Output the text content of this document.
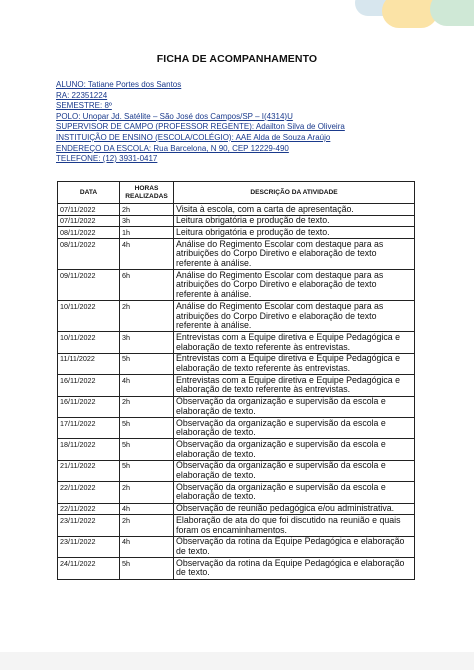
FICHA DE ACOMPANHAMENTO
ALUNO: Tatiane Portes dos Santos
RA: 22351224
SEMESTRE: 8º
POLO: Unopar Jd. Satélite – São José dos Campos/SP – I(4314)U
SUPERVISOR DE CAMPO (PROFESSOR REGENTE): Adailton Silva de Oliveira
INSTITUIÇÃO DE ENSINO (ESCOLA/COLÉGIO): AAE Alda de Souza Araújo
ENDEREÇO DA ESCOLA: Rua Barcelona, N 90, CEP 12229-490
TELEFONE: (12) 3931-0417
DATA	HORAS REALIZADAS	DESCRIÇÃO DA ATIVIDADE
07/11/2022	2h	Visita à escola, com a carta de apresentação.
07/11/2022	3h	Leitura obrigatória e produção de texto.
08/11/2022	1h	Leitura obrigatória e produção de texto.
08/11/2022	4h	Análise do Regimento Escolar com destaque para as atribuições do Corpo Diretivo e elaboração de texto referente à análise.
09/11/2022	6h	Análise do Regimento Escolar com destaque para as atribuições do Corpo Diretivo e elaboração de texto referente à análise.
10/11/2022	2h	Análise do Regimento Escolar com destaque para as atribuições do Corpo Diretivo e elaboração de texto referente à análise.
10/11/2022	3h	Entrevistas com a Equipe diretiva e Equipe Pedagógica e elaboração de texto referente às entrevistas.
11/11/2022	5h	Entrevistas com a Equipe diretiva e Equipe Pedagógica e elaboração de texto referente às entrevistas.
16/11/2022	4h	Entrevistas com a Equipe diretiva e Equipe Pedagógica e elaboração de texto referente às entrevistas.
16/11/2022	2h	Observação da organização e supervisão da escola e elaboração de texto.
17/11/2022	5h	Observação da organização e supervisão da escola e elaboração de texto.
18/11/2022	5h	Observação da organização e supervisão da escola e elaboração de texto.
21/11/2022	5h	Observação da organização e supervisão da escola e elaboração de texto.
22/11/2022	2h	Observação da organização e supervisão da escola e elaboração de texto.
22/11/2022	4h	Observação de reunião pedagógica e/ou administrativa.
23/11/2022	2h	Elaboração de ata do que foi discutido na reunião e quais foram os encaminhamentos.
23/11/2022	4h	Observação da rotina da Equipe Pedagógica e elaboração de texto.
24/11/2022	5h	Observação da rotina da Equipe Pedagógica e elaboração de texto.
